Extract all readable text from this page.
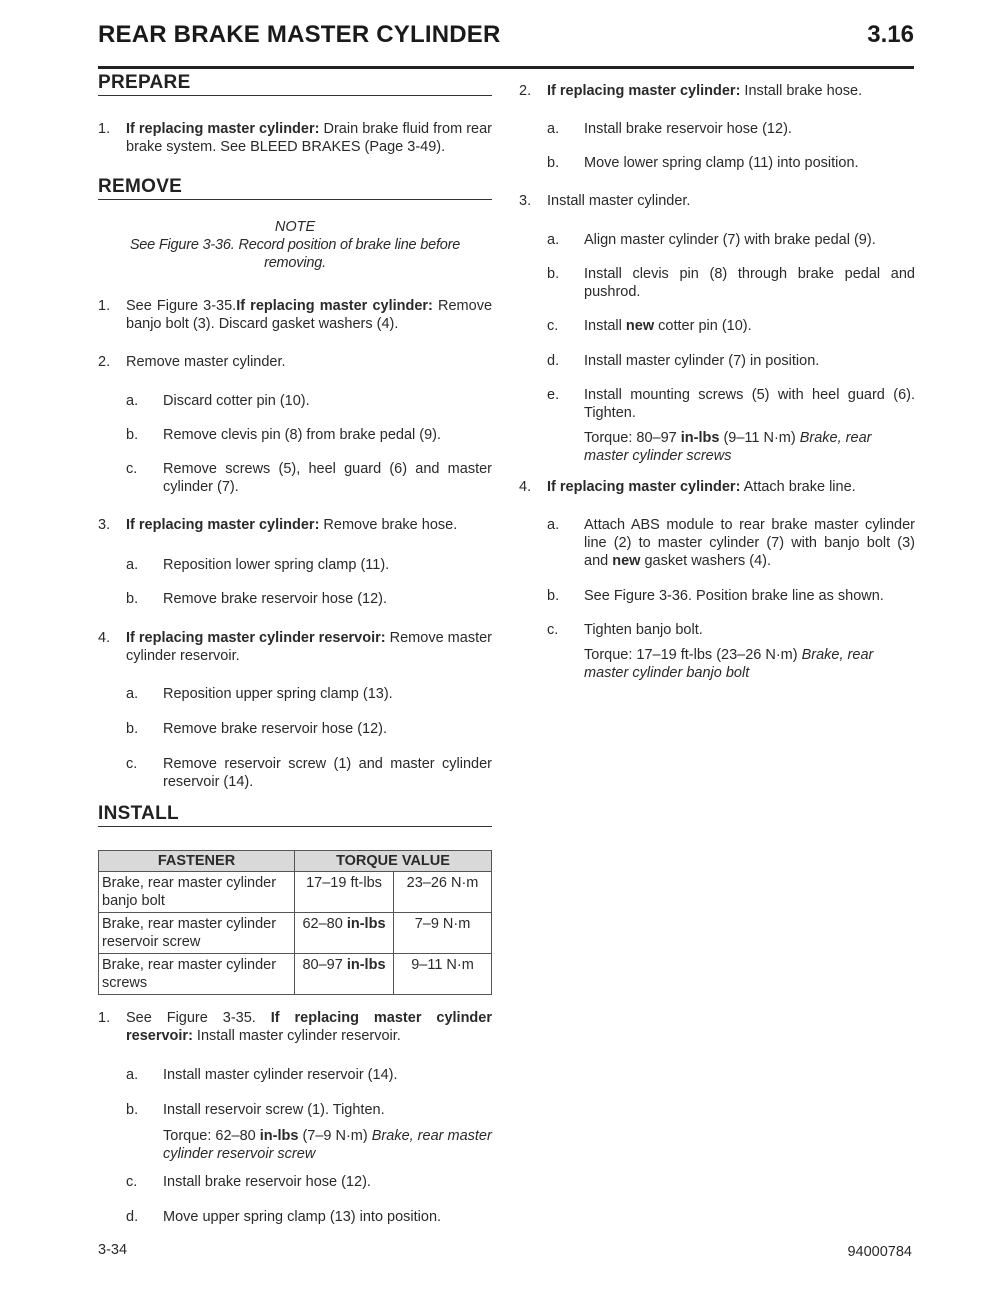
REAR BRAKE MASTER CYLINDER	3.16
PREPARE
1.	If replacing master cylinder: Drain brake fluid from rear brake system. See BLEED BRAKES (Page 3-49).
REMOVE
NOTE
See Figure 3-36. Record position of brake line before removing.
1.	See Figure 3-35.If replacing master cylinder: Remove banjo bolt (3). Discard gasket washers (4).
2.	Remove master cylinder.
a.	Discard cotter pin (10).
b.	Remove clevis pin (8) from brake pedal (9).
c.	Remove screws (5), heel guard (6) and master cylinder (7).
3.	If replacing master cylinder: Remove brake hose.
a.	Reposition lower spring clamp (11).
b.	Remove brake reservoir hose (12).
4.	If replacing master cylinder reservoir: Remove master cylinder reservoir.
a.	Reposition upper spring clamp (13).
b.	Remove brake reservoir hose (12).
c.	Remove reservoir screw (1) and master cylinder reservoir (14).
INSTALL
FASTENER	TORQUE VALUE	
Brake, rear master cylinder banjo bolt	17–19 ft-lbs	23–26 N·m
Brake, rear master cylinder reservoir screw	62–80 in-lbs	7–9 N·m
Brake, rear master cylinder screws	80–97 in-lbs	9–11 N·m
1.	See Figure 3-35. If replacing master cylinder reservoir: Install master cylinder reservoir.
a.	Install master cylinder reservoir (14).
b.	Install reservoir screw (1). Tighten.
Torque: 62–80 in-lbs (7–9 N·m) Brake, rear master cylinder reservoir screw
c.	Install brake reservoir hose (12).
d.	Move upper spring clamp (13) into position.
2.	If replacing master cylinder: Install brake hose.
a.	Install brake reservoir hose (12).
b.	Move lower spring clamp (11) into position.
3.	Install master cylinder.
a.	Align master cylinder (7) with brake pedal (9).
b.	Install clevis pin (8) through brake pedal and pushrod.
c.	Install new cotter pin (10).
d.	Install master cylinder (7) in position.
e.	Install mounting screws (5) with heel guard (6). Tighten.
Torque: 80–97 in-lbs (9–11 N·m) Brake, rear master cylinder screws
4.	If replacing master cylinder: Attach brake line.
a.	Attach ABS module to rear brake master cylinder line (2) to master cylinder (7) with banjo bolt (3) and new gasket washers (4).
b.	See Figure 3-36. Position brake line as shown.
c.	Tighten banjo bolt.
Torque: 17–19 ft-lbs (23–26 N·m) Brake, rear master cylinder banjo bolt
3-34	94000784
